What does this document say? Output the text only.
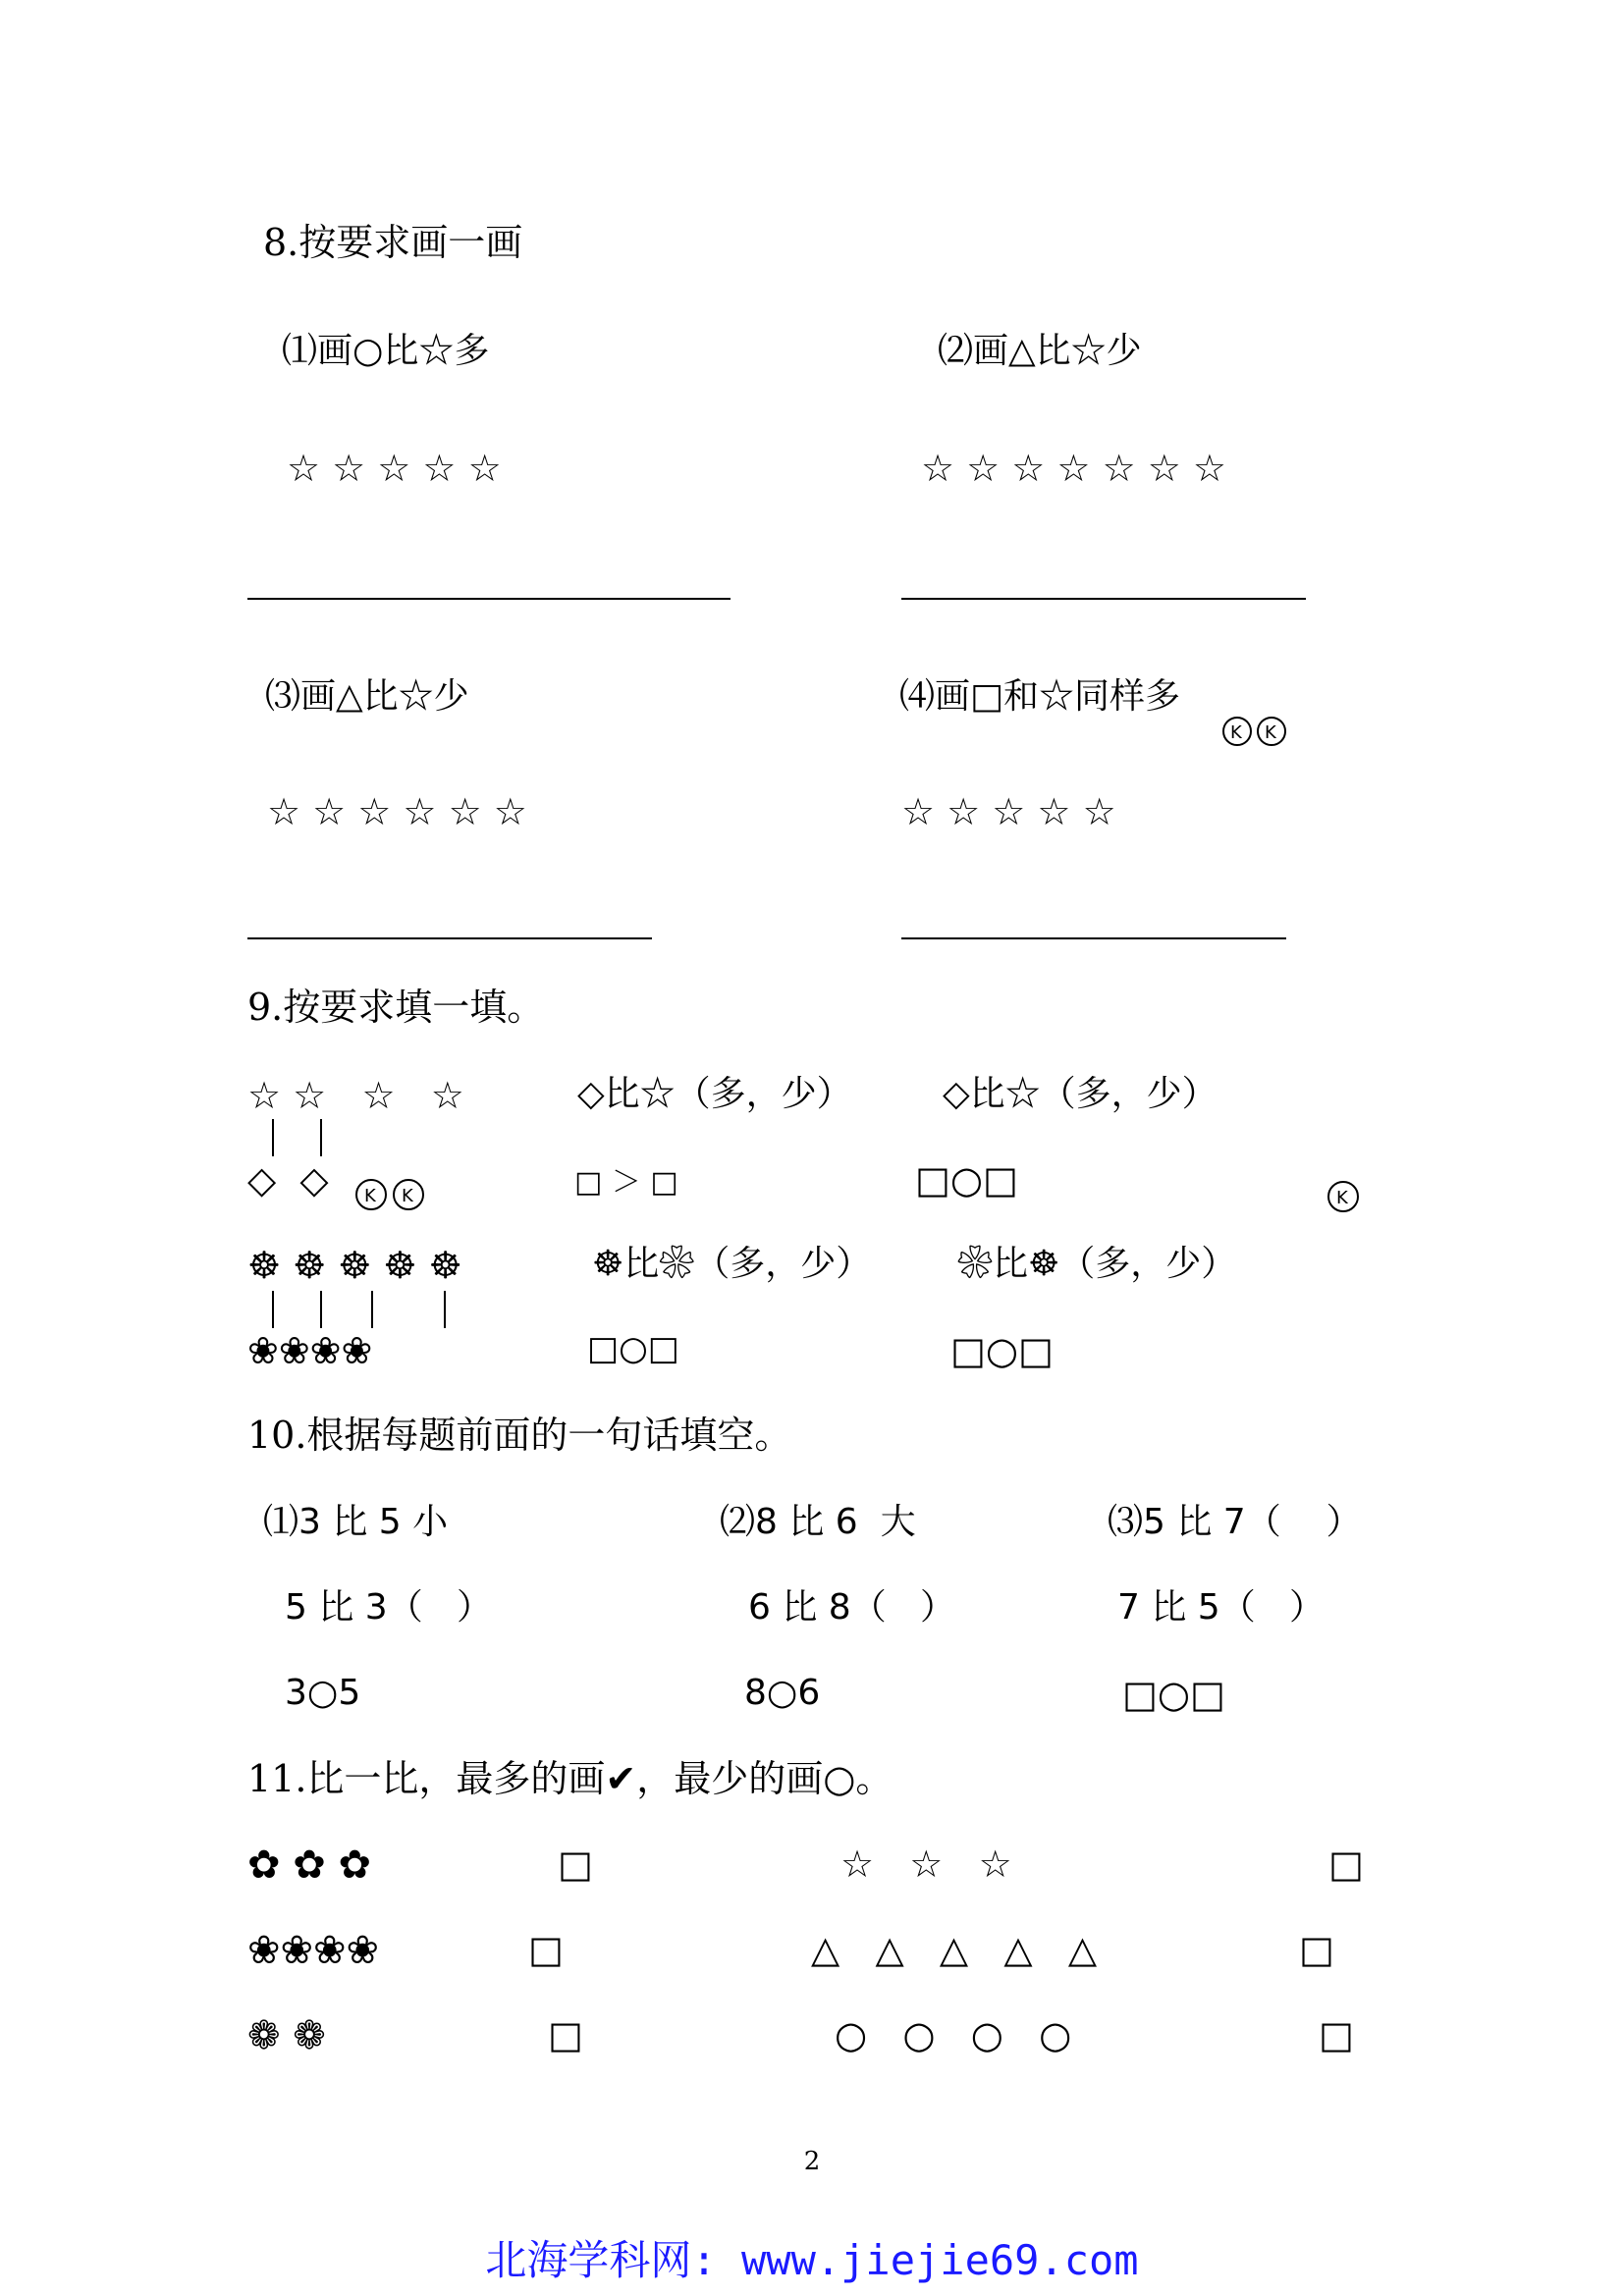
8.按要求画一画
⑴画○比☆多
☆ ☆ ☆ ☆ ☆
⑵画△比☆少
☆ ☆ ☆ ☆ ☆ ☆ ☆
⑶画△比☆少
☆ ☆ ☆ ☆ ☆ ☆
⑷画□和☆同样多

K K

☆ ☆ ☆ ☆ ☆
9.按要求填一填。
☆ ☆   ☆   ☆
◇  ◇

K K

◇比☆（多，少）	◇比☆（多，少）
□ ＞ □	□○□

	K

☸ ☸ ☸ ☸ ☸
❀❀❀❀
☸比❀（多，少） ❀比☸（多，少）
□○□	□○□
10.根据每题前面的一句话填空。
⑴3 比 5 小
5 比 3（   ）
3○5
⑵8 比 6  大
6 比 8（   ）
8○6
⑶5 比 7（    ）
7 比 5（   ）
□○□
11.比一比，最多的画✔，最少的画○。
✿ ✿ ✿	□
❀❀❀❀	□
❁ ❁	□
☆   ☆   ☆	□
△   △   △   △   △	□
○   ○   ○   ○	□
2
北海学科网: www.jiejie69.com
